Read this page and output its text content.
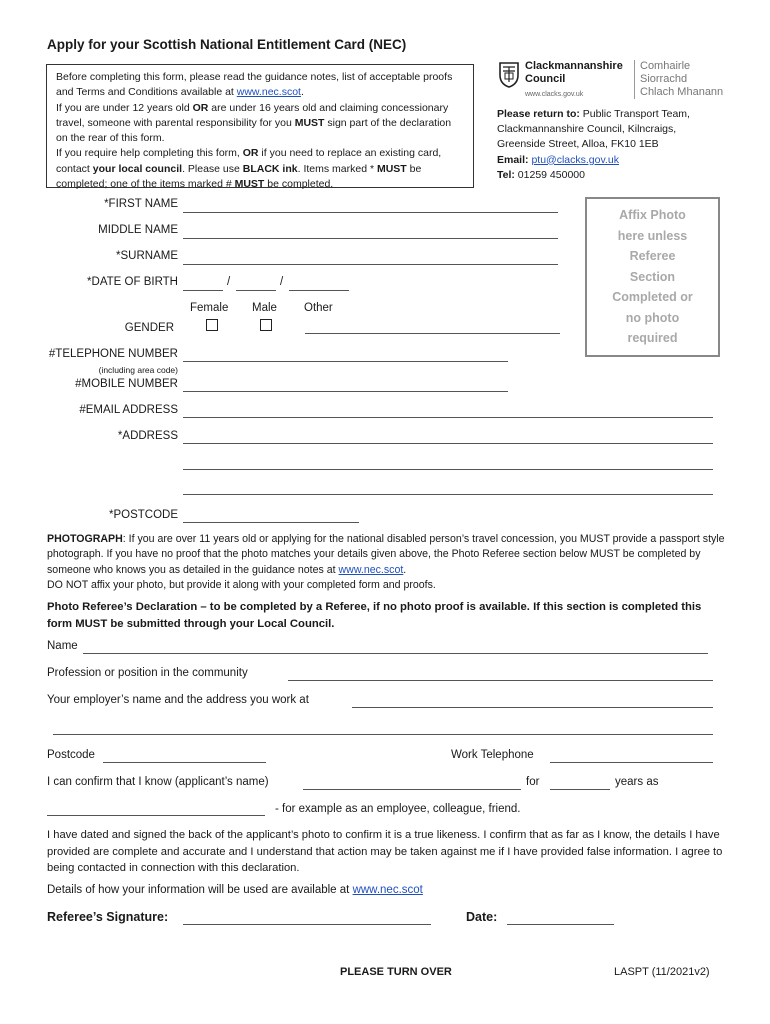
Apply for your Scottish National Entitlement Card (NEC)

Before completing this form, please read the guidance notes, list of acceptable proofs and Terms and Conditions available at www.nec.scot.

If you are under 12 years old OR are under 16 years old and claiming concessionary travel, someone with parental responsibility for you MUST sign part of the declaration on the rear of this form.

If you require help completing this form, OR if you need to replace an existing card, contact your local council. Please use BLACK ink. Items marked * MUST be completed; one of the items marked # MUST be completed.

Clackmannanshire
Council
Comhairle Siorrachd
Chlach Mhanann
www.clacks.gov.uk
Please return to: Public Transport Team,
Clackmannanshire Council, Kilncraigs,
Greenside Street, Alloa, FK10 1EB
Email: ptu@clacks.gov.uk
Tel: 01259 450000
Affix Photo
here unless
Referee
Section
Completed or
no photo
required
*FIRST NAME
MIDDLE NAME
*SURNAME
*DATE OF BIRTH	/	/
Female Male Other
GENDER
#TELEPHONE NUMBER
(including area code)
#MOBILE NUMBER
#EMAIL ADDRESS
*ADDRESS
*POSTCODE

PHOTOGRAPH: If you are over 11 years old or applying for the national disabled person’s travel concession, you MUST provide a passport style photograph. If you have no proof that the photo matches your details given above, the Photo Referee section below MUST be completed by someone who knows you as detailed in the guidance notes at www.nec.scot.

DO NOT affix your photo, but provide it along with your completed form and proofs.

Photo Referee’s Declaration – to be completed by a Referee, if no photo proof is available. If this section is completed this form MUST be submitted through your Local Council.
Name
Profession or position in the community
Your employer’s name and the address you work at
Postcode	Work Telephone
I can confirm that I know (applicant’s name)	for	years as
- for example as an employee, colleague, friend.
I have dated and signed the back of the applicant’s photo to confirm it is a true likeness. I confirm that as far as I know, the details I have provided are complete and accurate and I understand that action may be taken against me if I have provided false information. I agree to being contacted in connection with this declaration.
Details of how your information will be used are available at www.nec.scot
Referee’s Signature:	Date:
PLEASE TURN OVER	LASPT (11/2021v2)
